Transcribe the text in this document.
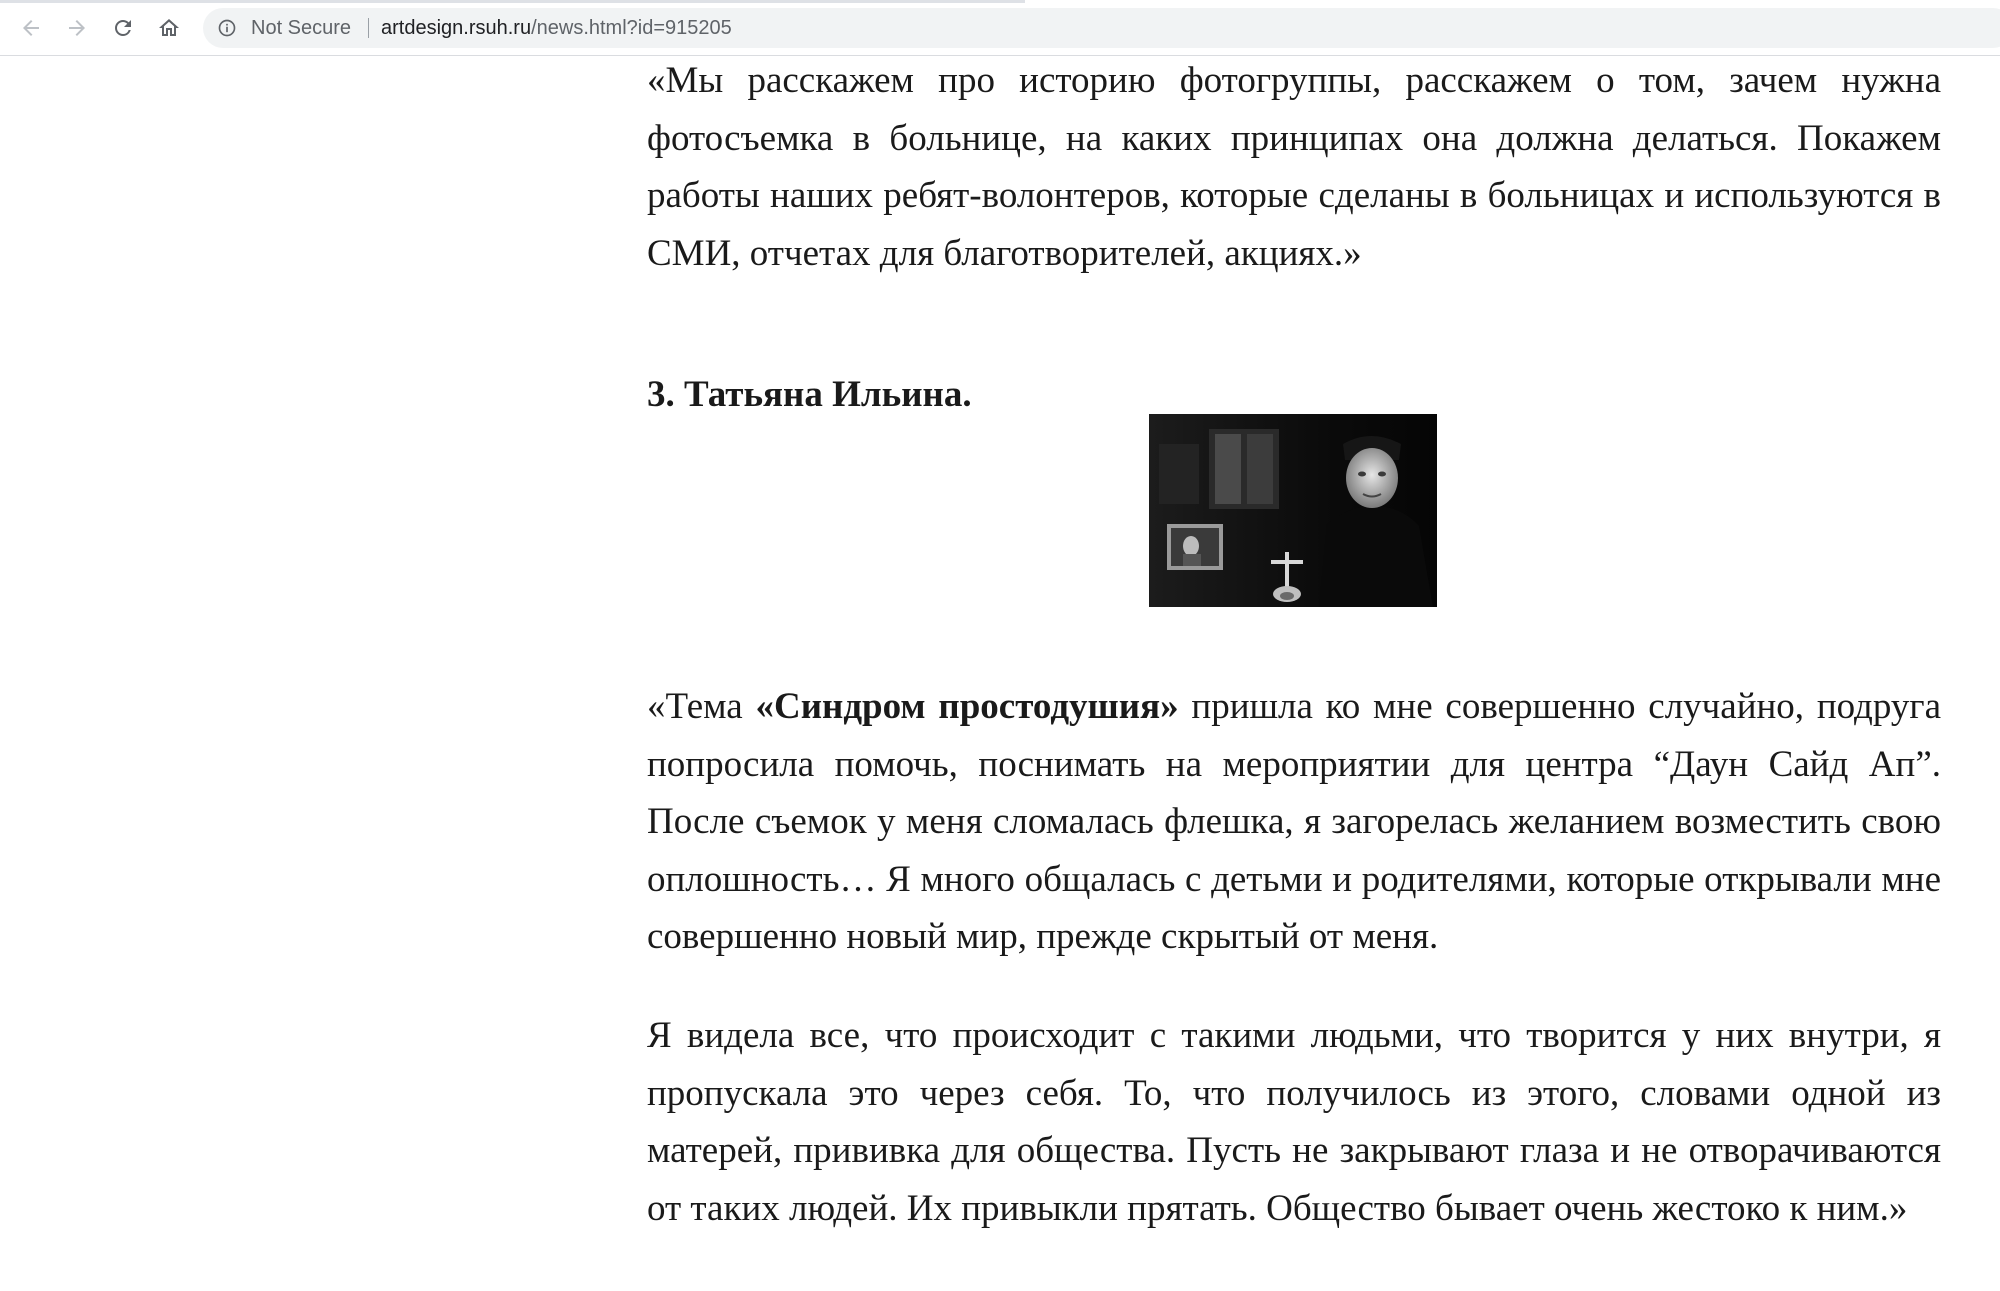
Not Secure artdesign.rsuh.ru/news.html?id=915205

«Мы расскажем про историю фотогруппы, расскажем о том, зачем нужна фотосъемка в больнице, на каких принципах она должна делаться. Покажем работы наших ребят-волонтеров, которые сделаны в больницах и используются в СМИ, отчетах для благотворителей, акциях.»

3. Татьяна Ильина.

«Тема «Синдром простодушия» пришла ко мне совершенно случайно, подруга попросила помочь, поснимать на мероприятии для центра “Даун Сайд Ап”. После съемок у меня сломалась флешка, я загорелась желанием возместить свою оплошность… Я много общалась с детьми и родителями, которые открывали мне совершенно новый мир, прежде скрытый от меня.

Я видела все, что происходит с такими людьми, что творится у них внутри, я пропускала это через себя. То, что получилось из этого, словами одной из матерей, прививка для общества. Пусть не закрывают глаза и не отворачиваются от таких людей. Их привыкли прятать. Общество бывает очень жестоко к ним.»
